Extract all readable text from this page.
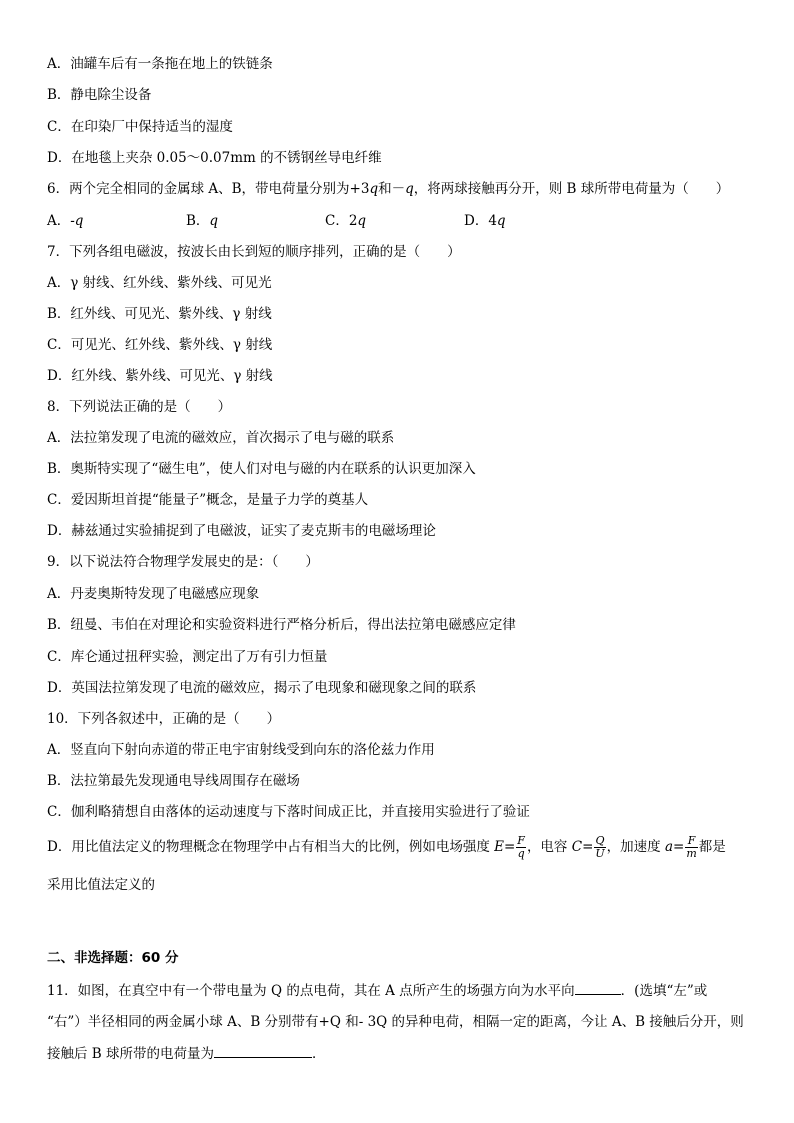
A．油罐车后有一条拖在地上的铁链条
B．静电除尘设备
C．在印染厂中保持适当的湿度
D．在地毯上夹杂 0.05～0.07mm 的不锈钢丝导电纤维
6．两个完全相同的金属球 A、B，带电荷量分别为+3q和－q，将两球接触再分开，则 B 球所带电荷量为（　　）
A．-q	B．q	C．2q	D．4q
7．下列各组电磁波，按波长由长到短的顺序排列，正确的是（　　）
A．γ 射线、红外线、紫外线、可见光
B．红外线、可见光、紫外线、γ 射线
C．可见光、红外线、紫外线、γ 射线
D．红外线、紫外线、可见光、γ 射线
8．下列说法正确的是（　　）
A．法拉第发现了电流的磁效应，首次揭示了电与磁的联系
B．奥斯特实现了“磁生电”，使人们对电与磁的内在联系的认识更加深入
C．爱因斯坦首提“能量子”概念，是量子力学的奠基人
D．赫兹通过实验捕捉到了电磁波，证实了麦克斯韦的电磁场理论
9．以下说法符合物理学发展史的是：（　　）
A．丹麦奥斯特发现了电磁感应现象
B．纽曼、韦伯在对理论和实验资料进行严格分析后，得出法拉第电磁感应定律
C．库仑通过扭秤实验，测定出了万有引力恒量
D．英国法拉第发现了电流的磁效应，揭示了电现象和磁现象之间的联系
10．下列各叙述中，正确的是（　　）
A．竖直向下射向赤道的带正电宇宙射线受到向东的洛伦兹力作用
B．法拉第最先发现通电导线周围存在磁场
C．伽利略猜想自由落体的运动速度与下落时间成正比，并直接用实验进行了验证
D．用比值法定义的物理概念在物理学中占有相当大的比例，例如电场强度 $E= \frac{F}{q}$ ，电容 $C= \frac{Q}{U}$ ，加速度 $a= \frac{F}{m}$ 都是
采用比值法定义的
二、非选择题：60 分
11．如图，在真空中有一个带电量为 Q 的点电荷，其在 A 点所产生的场强方向为水平向	．(选填“左”或
“右”）半径相同的两金属小球 A、B 分别带有+Q 和- 3Q 的异种电荷，相隔一定的距离，今让 A、B 接触后分开，则
接触后 B 球所带的电荷量为	．
